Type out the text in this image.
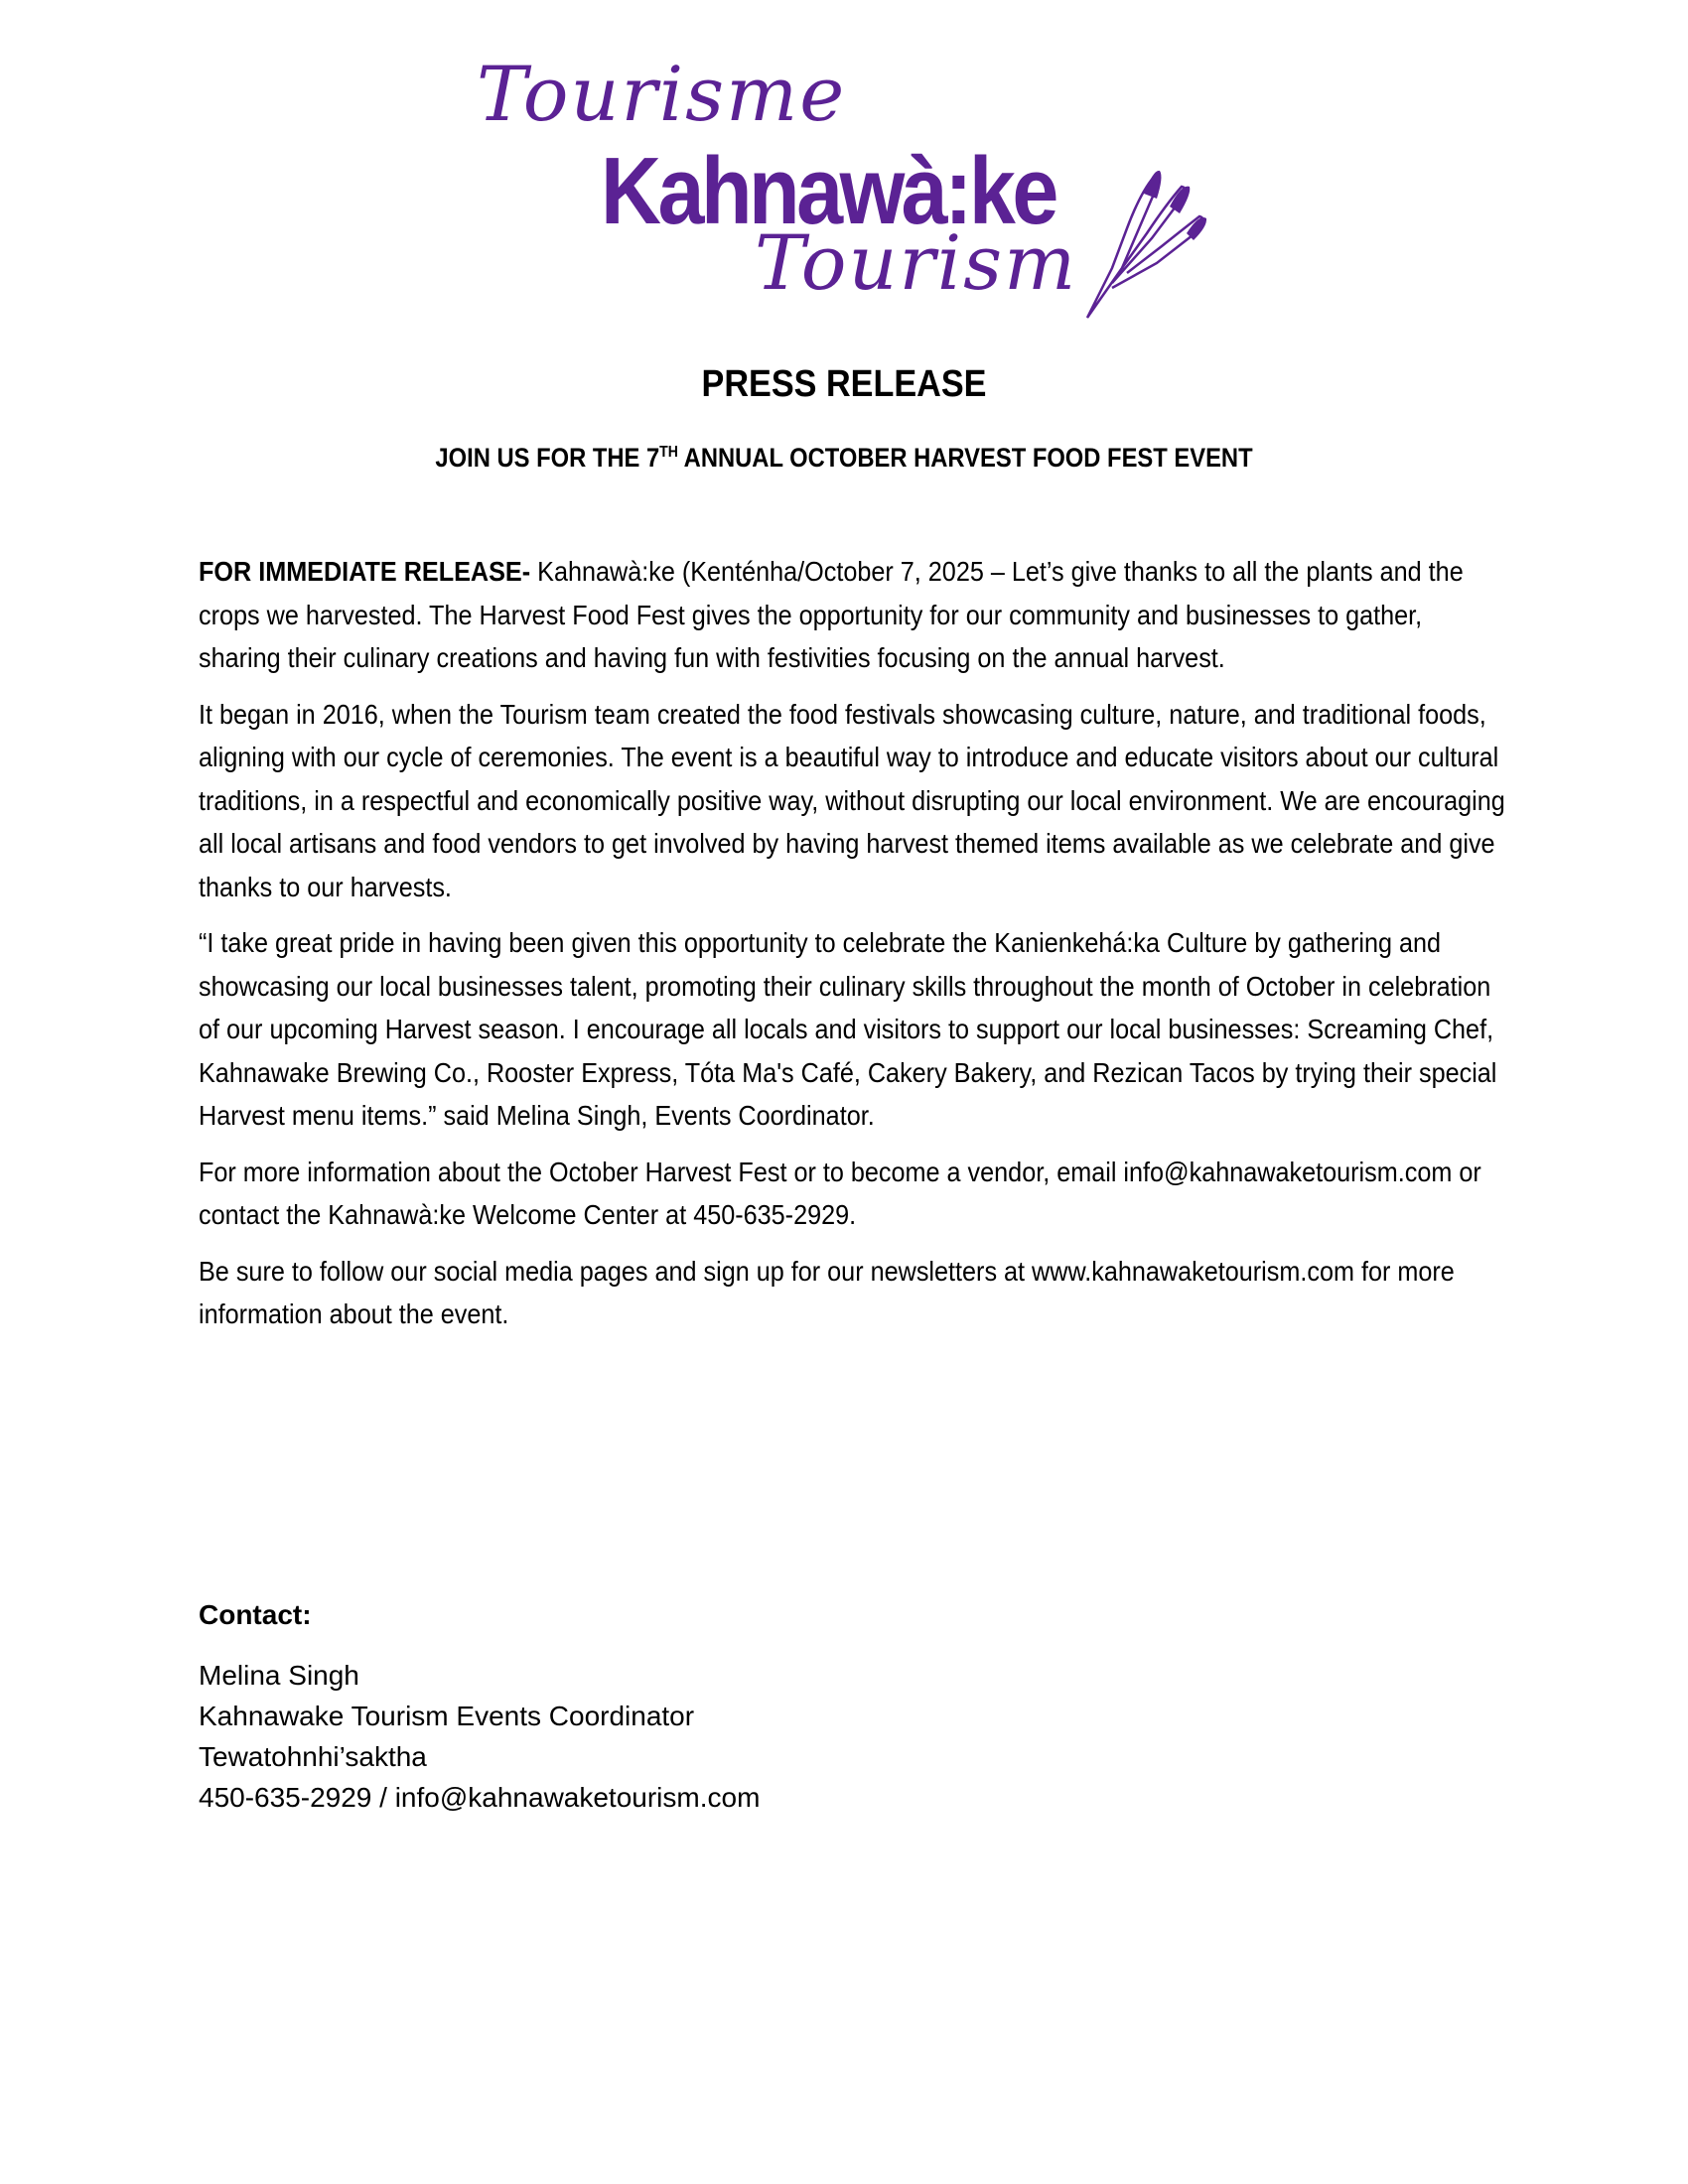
Tourisme
Kahnawà:ke
Tourism
PRESS RELEASE
JOIN US FOR THE 7TH ANNUAL OCTOBER HARVEST FOOD FEST EVENT

FOR IMMEDIATE RELEASE- Kahnawà:ke (Kenténha/October 7, 2025 – Let’s give thanks to all the plants and the crops we harvested. The Harvest Food Fest gives the opportunity for our community and businesses to gather, sharing their culinary creations and having fun with festivities focusing on the annual harvest.

It began in 2016, when the Tourism team created the food festivals showcasing culture, nature, and traditional foods, aligning with our cycle of ceremonies. The event is a beautiful way to introduce and educate visitors about our cultural traditions, in a respectful and economically positive way, without disrupting our local environment. We are encouraging all local artisans and food vendors to get involved by having harvest themed items available as we celebrate and give thanks to our harvests.

“I take great pride in having been given this opportunity to celebrate the Kanienkehá:ka Culture by gathering and showcasing our local businesses talent, promoting their culinary skills throughout the month of October in celebration of our upcoming Harvest season. I encourage all locals and visitors to support our local businesses: Screaming Chef, Kahnawake Brewing Co., Rooster Express, Tóta Ma's Café, Cakery Bakery, and Rezican Tacos by trying their special Harvest menu items.” said Melina Singh, Events Coordinator.

For more information about the October Harvest Fest or to become a vendor, email info@kahnawaketourism.com or contact the Kahnawà:ke Welcome Center at 450-635-2929.

Be sure to follow our social media pages and sign up for our newsletters at www.kahnawaketourism.com for more information about the event.

Contact:
Melina Singh
Kahnawake Tourism Events Coordinator
Tewatohnhi’saktha
450-635-2929 / info@kahnawaketourism.com
